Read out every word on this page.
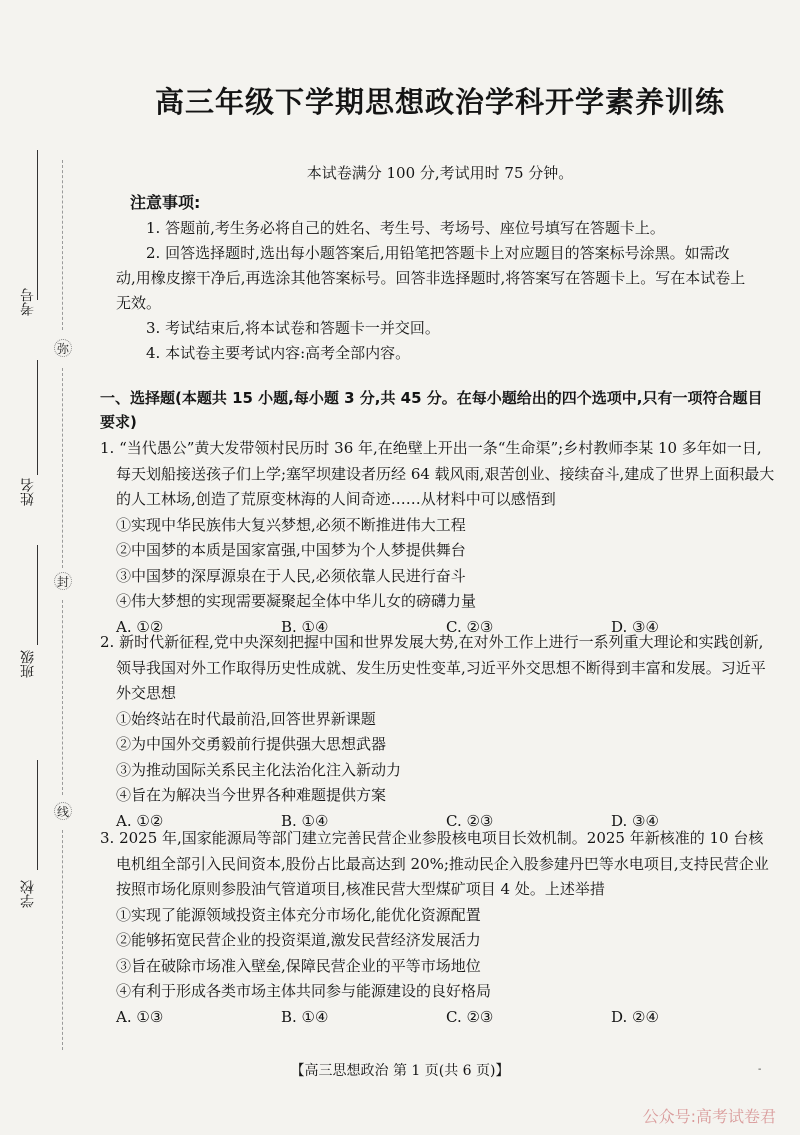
考号
姓名
班级
学校
弥
封
线
高三年级下学期思想政治学科开学素养训练
本试卷满分 100 分,考试用时 75 分钟。
注意事项:

1. 答题前,考生务必将自己的姓名、考生号、考场号、座位号填写在答题卡上。

2. 回答选择题时,选出每小题答案后,用铅笔把答题卡上对应题目的答案标号涂黑。如需改动,用橡皮擦干净后,再选涂其他答案标号。回答非选择题时,将答案写在答题卡上。写在本试卷上无效。

3. 考试结束后,将本试卷和答题卡一并交回。

4. 本试卷主要考试内容:高考全部内容。

一、选择题(本题共 15 小题,每小题 3 分,共 45 分。在每小题给出的四个选项中,只有一项符合题目要求)

1. “当代愚公”黄大发带领村民历时 36 年,在绝壁上开出一条“生命渠”;乡村教师李某 10 多年如一日,每天划船接送孩子们上学;塞罕坝建设者历经 64 载风雨,艰苦创业、接续奋斗,建成了世界上面积最大的人工林场,创造了荒原变林海的人间奇迹……从材料中可以感悟到

①实现中华民族伟大复兴梦想,必须不断推进伟大工程

②中国梦的本质是国家富强,中国梦为个人梦提供舞台

③中国梦的深厚源泉在于人民,必须依靠人民进行奋斗

④伟大梦想的实现需要凝聚起全体中华儿女的磅礴力量

A. ①②	B. ①④	C. ②③	D. ③④

2. 新时代新征程,党中央深刻把握中国和世界发展大势,在对外工作上进行一系列重大理论和实践创新,领导我国对外工作取得历史性成就、发生历史性变革,习近平外交思想不断得到丰富和发展。习近平外交思想

①始终站在时代最前沿,回答世界新课题

②为中国外交勇毅前行提供强大思想武器

③为推动国际关系民主化法治化注入新动力

④旨在为解决当今世界各种难题提供方案

A. ①②	B. ①④	C. ②③	D. ③④

3. 2025 年,国家能源局等部门建立完善民营企业参股核电项目长效机制。2025 年新核准的 10 台核电机组全部引入民间资本,股份占比最高达到 20%;推动民企入股参建丹巴等水电项目,支持民营企业按照市场化原则参股油气管道项目,核准民营大型煤矿项目 4 处。上述举措

①实现了能源领域投资主体充分市场化,能优化资源配置

②能够拓宽民营企业的投资渠道,激发民营经济发展活力

③旨在破除市场准入壁垒,保障民营企业的平等市场地位

④有利于形成各类市场主体共同参与能源建设的良好格局

A. ①③	B. ①④	C. ②③	D. ②④
【高三思想政治 第 1 页(共 6 页)】	-
公众号:高考试卷君
